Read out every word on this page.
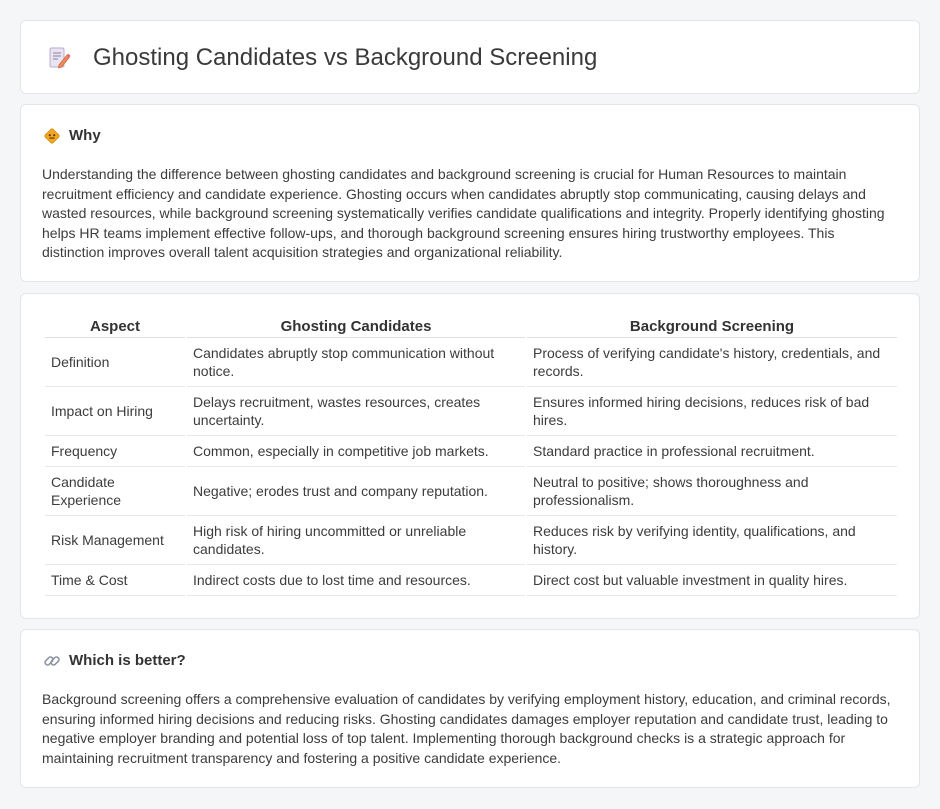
Ghosting Candidates vs Background Screening
Why

Understanding the difference between ghosting candidates and background screening is crucial for Human Resources to maintain recruitment efficiency and candidate experience. Ghosting occurs when candidates abruptly stop communicating, causing delays and wasted resources, while background screening systematically verifies candidate qualifications and integrity. Properly identifying ghosting helps HR teams implement effective follow-ups, and thorough background screening ensures hiring trustworthy employees. This distinction improves overall talent acquisition strategies and organizational reliability.

Aspect	Ghosting Candidates	Background Screening
Definition	Candidates abruptly stop communication without notice.	Process of verifying candidate's history, credentials, and records.
Impact on Hiring	Delays recruitment, wastes resources, creates uncertainty.	Ensures informed hiring decisions, reduces risk of bad hires.
Frequency	Common, especially in competitive job markets.	Standard practice in professional recruitment.
Candidate Experience	Negative; erodes trust and company reputation.	Neutral to positive; shows thoroughness and professionalism.
Risk Management	High risk of hiring uncommitted or unreliable candidates.	Reduces risk by verifying identity, qualifications, and history.
Time & Cost	Indirect costs due to lost time and resources.	Direct cost but valuable investment in quality hires.
Which is better?

Background screening offers a comprehensive evaluation of candidates by verifying employment history, education, and criminal records, ensuring informed hiring decisions and reducing risks. Ghosting candidates damages employer reputation and candidate trust, leading to negative employer branding and potential loss of top talent. Implementing thorough background checks is a strategic approach for maintaining recruitment transparency and fostering a positive candidate experience.
